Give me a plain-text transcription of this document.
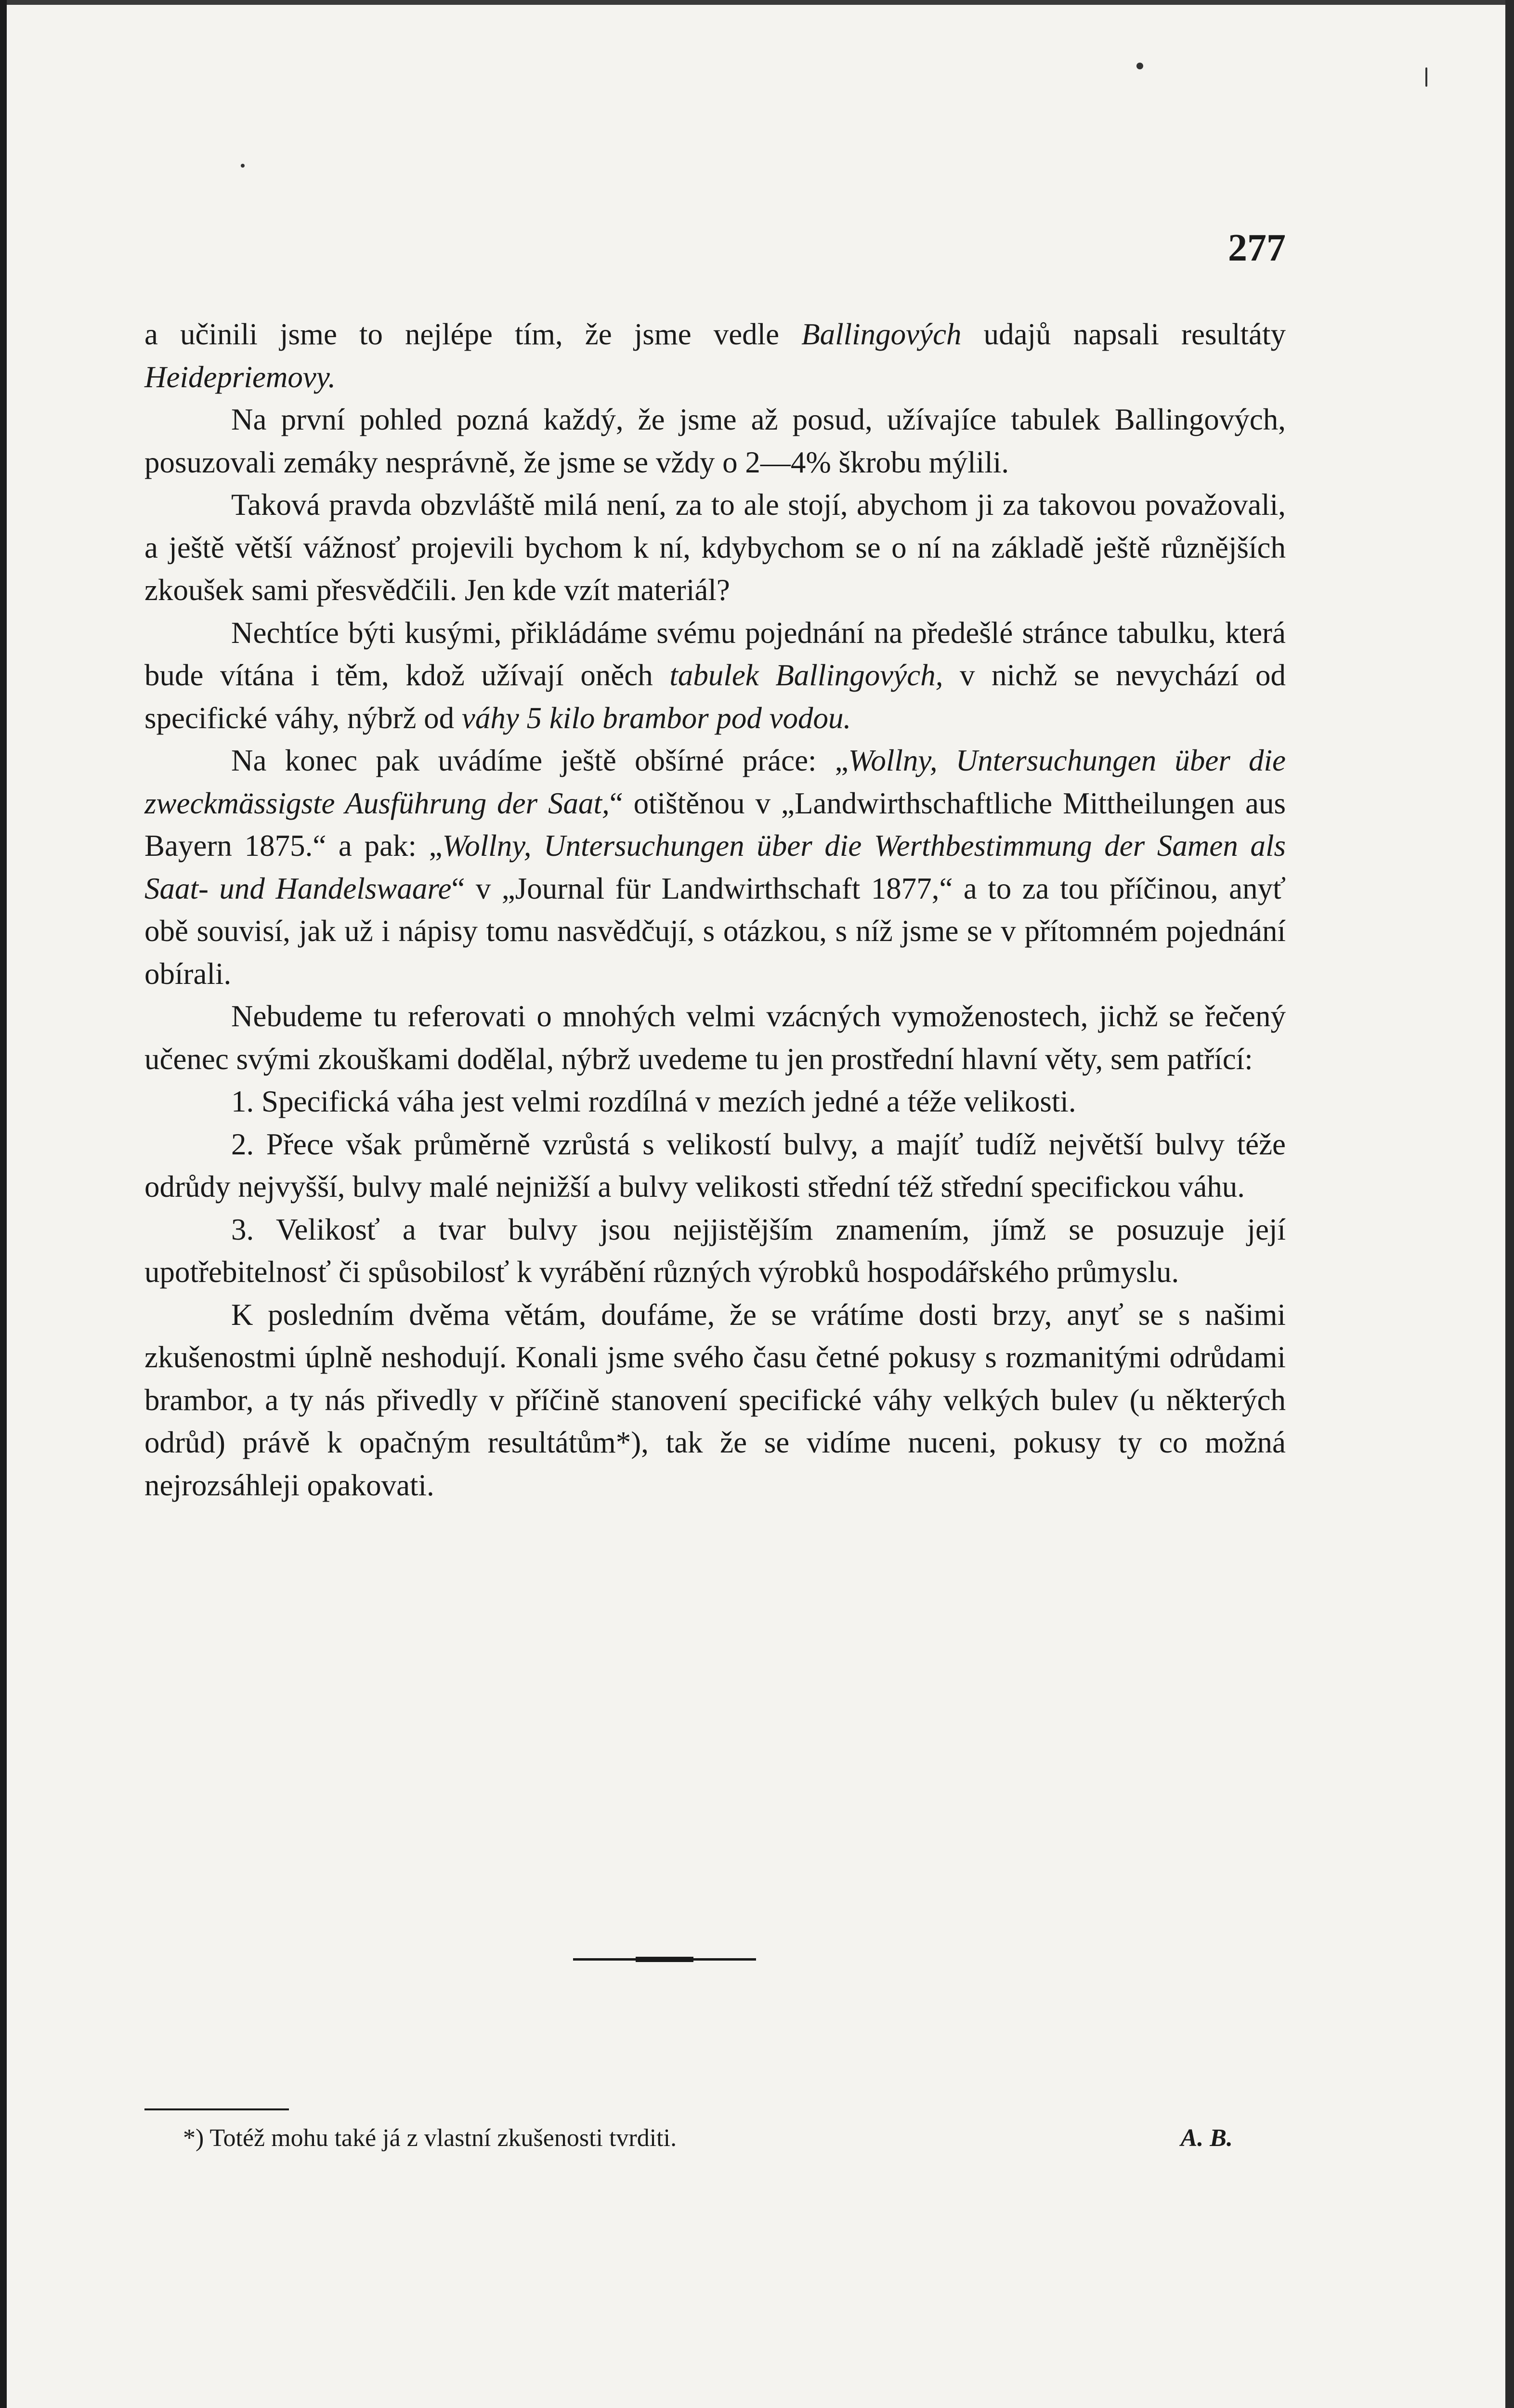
277

a učinili jsme to nejlépe tím, že jsme vedle Ballingových udajů napsali resultáty Heidepriemovy.

Na první pohled pozná každý, že jsme až posud, užívajíce tabulek Ballingových, posuzovali zemáky nesprávně, že jsme se vždy o 2—4% škrobu mýlili.

Taková pravda obzvláště milá není, za to ale stojí, abychom ji za takovou považovali, a ještě větší vážnosť projevili bychom k ní, kdybychom se o ní na základě ještě různějších zkoušek sami přesvědčili. Jen kde vzít materiál?

Nechtíce býti kusými, přikládáme svému pojednání na předešlé stránce tabulku, která bude vítána i těm, kdož užívají oněch tabulek Ballingových, v nichž se nevychází od specifické váhy, nýbrž od váhy 5 kilo brambor pod vodou.

Na konec pak uvádíme ještě obšírné práce: „Wollny, Untersuchungen über die zweckmässigste Ausführung der Saat,“ otištěnou v „Landwirthschaftliche Mittheilungen aus Bayern 1875.“ a pak: „Wollny, Untersuchungen über die Werthbestimmung der Samen als Saat- und Handelswaare“ v „Journal für Landwirthschaft 1877,“ a to za tou příčinou, anyť obě souvisí, jak už i nápisy tomu nasvědčují, s otázkou, s níž jsme se v přítomném pojednání obírali.

Nebudeme tu referovati o mnohých velmi vzácných vymoženostech, jichž se řečený učenec svými zkouškami dodělal, nýbrž uvedeme tu jen prostřední hlavní věty, sem patřící:

1. Specifická váha jest velmi rozdílná v mezích jedné a téže velikosti.

2. Přece však průměrně vzrůstá s velikostí bulvy, a majíť tudíž největší bulvy téže odrůdy nejvyšší, bulvy malé nejnižší a bulvy velikosti střední též střední specifickou váhu.

3. Velikosť a tvar bulvy jsou nejjistějším znamením, jímž se posuzuje její upotřebitelnosť či spůsobilosť k vyrábění různých výrobků hospodářského průmyslu.

K posledním dvěma větám, doufáme, že se vrátíme dosti brzy, anyť se s našimi zkušenostmi úplně neshodují. Konali jsme svého času četné pokusy s rozmanitými odrůdami brambor, a ty nás přivedly v příčině stanovení specifické váhy velkých bulev (u některých odrůd) právě k opačným resultátům*), tak že se vidíme nuceni, pokusy ty co možná nejrozsáhleji opakovati.

*) Totéž mohu také já z vlastní zkušenosti tvrditi.	A. B.
